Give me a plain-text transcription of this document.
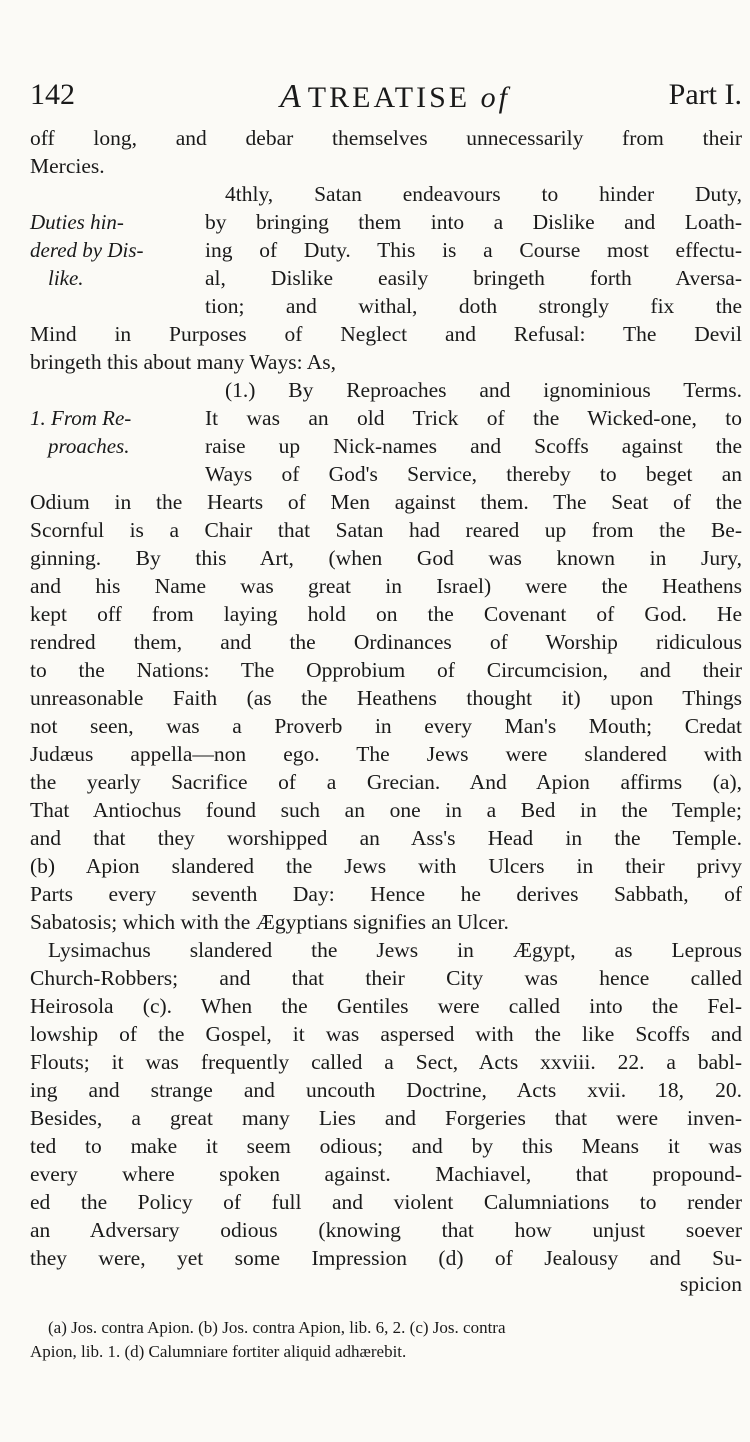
142	A TREATISE of	Part I.
off long, and debar themselves unnecessarily from their
Mercies.
4thly, Satan endeavours to hinder Duty,
by bringing them into a Dislike and Loath-
ing of Duty. This is a Course most effectu-
al, Dislike easily bringeth forth Aversa-
tion; and withal, doth strongly fix the
Duties hin-
dered by Dis-
like.
Mind in Purposes of Neglect and Refusal: The Devil
bringeth this about many Ways: As,
(1.) By Reproaches and ignominious Terms.
It was an old Trick of the Wicked-one, to
raise up Nick-names and Scoffs against the
Ways of God's Service, thereby to beget an
1. From Re-
proaches.
Odium in the Hearts of Men against them. The Seat of the
Scornful is a Chair that Satan had reared up from the Be-
ginning. By this Art, (when God was known in Jury,
and his Name was great in Israel) were the Heathens
kept off from laying hold on the Covenant of God. He
rendred them, and the Ordinances of Worship ridiculous
to the Nations: The Opprobium of Circumcision, and their
unreasonable Faith (as the Heathens thought it) upon Things
not seen, was a Proverb in every Man's Mouth; Credat
Judæus appella—non ego. The Jews were slandered with
the yearly Sacrifice of a Grecian. And Apion affirms (a),
That Antiochus found such an one in a Bed in the Temple;
and that they worshipped an Ass's Head in the Temple.
(b) Apion slandered the Jews with Ulcers in their privy
Parts every seventh Day: Hence he derives Sabbath, of
Sabatosis; which with the Ægyptians signifies an Ulcer.
Lysimachus slandered the Jews in Ægypt, as Leprous
Church-Robbers; and that their City was hence called
Heirosola (c). When the Gentiles were called into the Fel-
lowship of the Gospel, it was aspersed with the like Scoffs and
Flouts; it was frequently called a Sect, Acts xxviii. 22. a babl-
ing and strange and uncouth Doctrine, Acts xvii. 18, 20.
Besides, a great many Lies and Forgeries that were inven-
ted to make it seem odious; and by this Means it was
every where spoken against. Machiavel, that propound-
ed the Policy of full and violent Calumniations to render
an Adversary odious (knowing that how unjust soever
they were, yet some Impression (d) of Jealousy and Su-
spicion
(a) Jos. contra Apion. (b) Jos. contra Apion, lib. 6, 2. (c) Jos. contra
Apion, lib. 1. (d) Calumniare fortiter aliquid adhærebit.
